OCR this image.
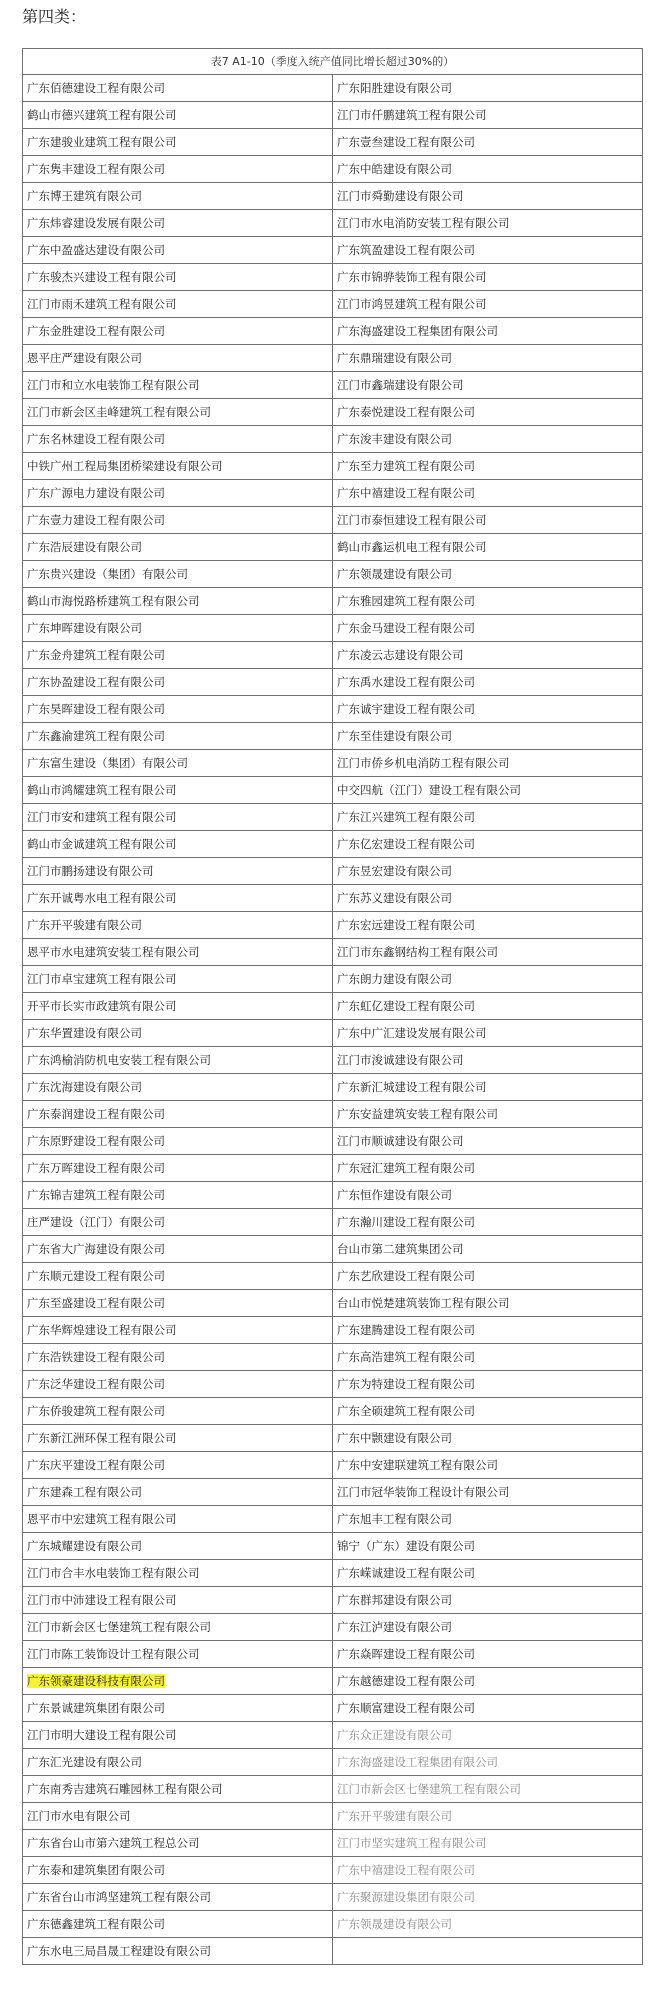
第四类：
表7 A1-10（季度入统产值同比增长超过30%的）	
广东佰德建设工程有限公司	广东阳胜建设有限公司
鹤山市德兴建筑工程有限公司	江门市仟鹏建筑工程有限公司
广东建骏业建筑工程有限公司	广东壹叁建设工程有限公司
广东隽丰建设工程有限公司	广东中皓建设有限公司
广东博王建筑有限公司	江门市舜勤建设有限公司
广东炜睿建设发展有限公司	江门市水电消防安装工程有限公司
广东中盈盛达建设有限公司	广东筑盈建设工程有限公司
广东骏杰兴建设工程有限公司	广东市锦骅装饰工程有限公司
江门市雨禾建筑工程有限公司	江门市鸿昱建筑工程有限公司
广东金胜建设工程有限公司	广东海盛建设工程集团有限公司
恩平庄严建设有限公司	广东鼎瑞建设有限公司
江门市和立水电装饰工程有限公司	江门市鑫瑞建设有限公司
江门市新会区圭峰建筑工程有限公司	广东泰悦建设工程有限公司
广东名林建设工程有限公司	广东浚丰建设有限公司
中铁广州工程局集团桥梁建设有限公司	广东至力建筑工程有限公司
广东广源电力建设有限公司	广东中禧建设工程有限公司
广东壹力建设工程有限公司	江门市泰恒建设工程有限公司
广东浩辰建设有限公司	鹤山市鑫运机电工程有限公司
广东贵兴建设（集团）有限公司	广东领晟建设有限公司
鹤山市海悦路桥建筑工程有限公司	广东雅园建筑工程有限公司
广东坤晖建设有限公司	广东金马建设工程有限公司
广东金舟建筑工程有限公司	广东凌云志建设有限公司
广东协盈建设工程有限公司	广东禹水建设工程有限公司
广东昊晖建设工程有限公司	广东诚宇建设工程有限公司
广东鑫渝建筑工程有限公司	广东至佳建设有限公司
广东富生建设（集团）有限公司	江门市侨乡机电消防工程有限公司
鹤山市鸿耀建筑工程有限公司	中交四航（江门）建设工程有限公司
江门市安和建筑工程有限公司	广东江兴建筑工程有限公司
鹤山市金诚建筑工程有限公司	广东亿宏建设工程有限公司
江门市鹏扬建设有限公司	广东昱宏建设有限公司
广东开诚粤水电工程有限公司	广东苏义建设有限公司
广东开平骏建有限公司	广东宏远建设工程有限公司
恩平市水电建筑安装工程有限公司	江门市东鑫钢结构工程有限公司
江门市卓宝建筑工程有限公司	广东朗力建设有限公司
开平市长实市政建筑有限公司	广东虹亿建设工程有限公司
广东华置建设有限公司	广东中广汇建设发展有限公司
广东鸿榆消防机电安装工程有限公司	江门市浚诚建设有限公司
广东沈海建设有限公司	广东新汇城建设工程有限公司
广东泰润建设工程有限公司	广东安益建筑安装工程有限公司
广东原野建设工程有限公司	江门市顺诚建设有限公司
广东万晖建设工程有限公司	广东冠汇建筑工程有限公司
广东锦吉建筑工程有限公司	广东恒作建设有限公司
庄严建设（江门）有限公司	广东瀚川建设工程有限公司
广东省大广海建设有限公司	台山市第二建筑集团公司
广东顺元建设工程有限公司	广东艺欣建设工程有限公司
广东至盛建设工程有限公司	台山市悦楚建筑装饰工程有限公司
广东华辉煌建设工程有限公司	广东建腾建设工程有限公司
广东浩铁建设工程有限公司	广东高浩建筑工程有限公司
广东泛华建设工程有限公司	广东为特建设工程有限公司
广东侨骏建筑工程有限公司	广东全硕建筑工程有限公司
广东新江洲环保工程有限公司	广东中颢建设有限公司
广东庆平建设工程有限公司	广东中安建联建筑工程有限公司
广东建森工程有限公司	江门市冠华装饰工程设计有限公司
恩平市中宏建筑工程有限公司	广东旭丰工程有限公司
广东城耀建设有限公司	锦宁（广东）建设有限公司
江门市合丰水电装饰工程有限公司	广东嵘诚建设工程有限公司
江门市中沛建设工程有限公司	广东群邦建设有限公司
江门市新会区七堡建筑工程有限公司	广东江泸建设有限公司
江门市陈工装饰设计工程有限公司	广东焱晖建设工程有限公司
广东领豪建设科技有限公司	广东越德建设工程有限公司
广东景诚建筑集团有限公司	广东顺富建设工程有限公司
江门市明大建设工程有限公司	广东众正建设有限公司
广东汇光建设有限公司	广东海盛建设工程集团有限公司
广东南秀吉建筑石雕园林工程有限公司	江门市新会区七堡建筑工程有限公司
江门市水电有限公司	广东开平骏建有限公司
广东省台山市第六建筑工程总公司	江门市坚实建筑工程有限公司
广东泰和建筑集团有限公司	广东中禧建设工程有限公司
广东省台山市鸿坚建筑工程有限公司	广东聚源建设集团有限公司
广东德鑫建筑工程有限公司	广东领晟建设有限公司
广东水电三局昌晟工程建设有限公司	
